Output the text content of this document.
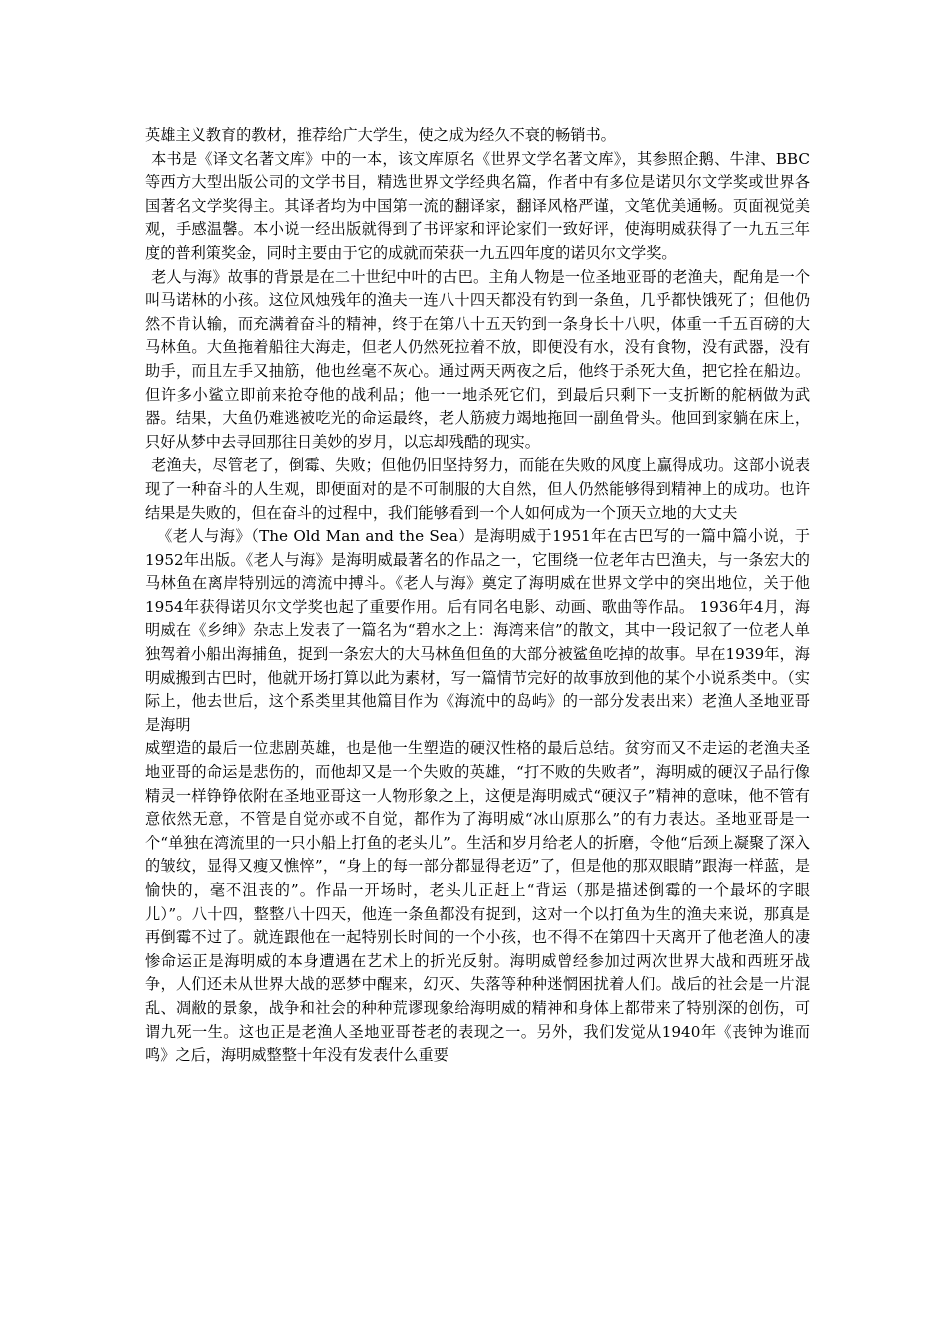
英雄主义教育的教材，推荐给广大学生，使之成为经久不衰的畅销书。

本书是《译文名著文库》中的一本，该文库原名《世界文学名著文库》，其参照企鹅、牛津、BBC等西方大型出版公司的文学书目，精选世界文学经典名篇，作者中有多位是诺贝尔文学奖或世界各国著名文学奖得主。其译者均为中国第一流的翻译家，翻译风格严谨，文笔优美通畅。页面视觉美观，手感温馨。本小说一经出版就得到了书评家和评论家们一致好评，使海明威获得了一九五三年度的普利策奖金，同时主要由于它的成就而荣获一九五四年度的诺贝尔文学奖。

老人与海》故事的背景是在二十世纪中叶的古巴。主角人物是一位圣地亚哥的老渔夫，配角是一个叫马诺林的小孩。这位风烛残年的渔夫一连八十四天都没有钓到一条鱼，几乎都快饿死了；但他仍然不肯认输，而充满着奋斗的精神，终于在第八十五天钓到一条身长十八呎，体重一千五百磅的大马林鱼。大鱼拖着船往大海走，但老人仍然死拉着不放，即便没有水，没有食物，没有武器，没有助手，而且左手又抽筋，他也丝毫不灰心。通过两天两夜之后，他终于杀死大鱼，把它拴在船边。但许多小鲨立即前来抢夺他的战利品；他一一地杀死它们，到最后只剩下一支折断的舵柄做为武器。结果，大鱼仍难逃被吃光的命运最终，老人筋疲力竭地拖回一副鱼骨头。他回到家躺在床上，只好从梦中去寻回那往日美妙的岁月，以忘却残酷的现实。

老渔夫，尽管老了，倒霉、失败；但他仍旧坚持努力，而能在失败的风度上赢得成功。这部小说表现了一种奋斗的人生观，即便面对的是不可制服的大自然，但人仍然能够得到精神上的成功。也许结果是失败的，但在奋斗的过程中，我们能够看到一个人如何成为一个顶天立地的大丈夫

《老人与海》（The Old Man and the Sea）是海明威于1951年在古巴写的一篇中篇小说，于1952年出版。《老人与海》是海明威最著名的作品之一，它围绕一位老年古巴渔夫，与一条宏大的马林鱼在离岸特别远的湾流中搏斗。《老人与海》奠定了海明威在世界文学中的突出地位，关于他1954年获得诺贝尔文学奖也起了重要作用。后有同名电影、动画、歌曲等作品。 1936年4月，海明威在《乡绅》杂志上发表了一篇名为“碧水之上：海湾来信”的散文，其中一段记叙了一位老人单独驾着小船出海捕鱼，捉到一条宏大的大马林鱼但鱼的大部分被鲨鱼吃掉的故事。早在1939年，海明威搬到古巴时，他就开场打算以此为素材，写一篇情节完好的故事放到他的某个小说系类中。（实际上，他去世后，这个系类里其他篇目作为《海流中的岛屿》的一部分发表出来）老渔人圣地亚哥是海明

威塑造的最后一位悲剧英雄，也是他一生塑造的硬汉性格的最后总结。贫穷而又不走运的老渔夫圣地亚哥的命运是悲伤的，而他却又是一个失败的英雄，“打不败的失败者”，海明威的硬汉子品行像精灵一样铮铮依附在圣地亚哥这一人物形象之上，这便是海明威式“硬汉子”精神的意味，他不管有意依然无意，不管是自觉亦或不自觉，都作为了海明威“冰山原那么”的有力表达。圣地亚哥是一个“单独在湾流里的一只小船上打鱼的老头儿”。生活和岁月给老人的折磨，令他“后颈上凝聚了深入的皱纹，显得又瘦又憔悴”，“身上的每一部分都显得老迈”了，但是他的那双眼睛”跟海一样蓝，是愉快的，毫不沮丧的”。作品一开场时，老头儿正赶上“背运（那是描述倒霉的一个最坏的字眼儿）”。八十四，整整八十四天，他连一条鱼都没有捉到，这对一个以打鱼为生的渔夫来说，那真是再倒霉不过了。就连跟他在一起特别长时间的一个小孩，也不得不在第四十天离开了他老渔人的凄惨命运正是海明威的本身遭遇在艺术上的折光反射。海明威曾经参加过两次世界大战和西班牙战争，人们还未从世界大战的恶梦中醒来，幻灭、失落等种种迷惘困扰着人们。战后的社会是一片混乱、凋敝的景象，战争和社会的种种荒谬现象给海明威的精神和身体上都带来了特别深的创伤，可谓九死一生。这也正是老渔人圣地亚哥苍老的表现之一。另外，我们发觉从1940年《丧钟为谁而鸣》之后，海明威整整十年没有发表什么重要
